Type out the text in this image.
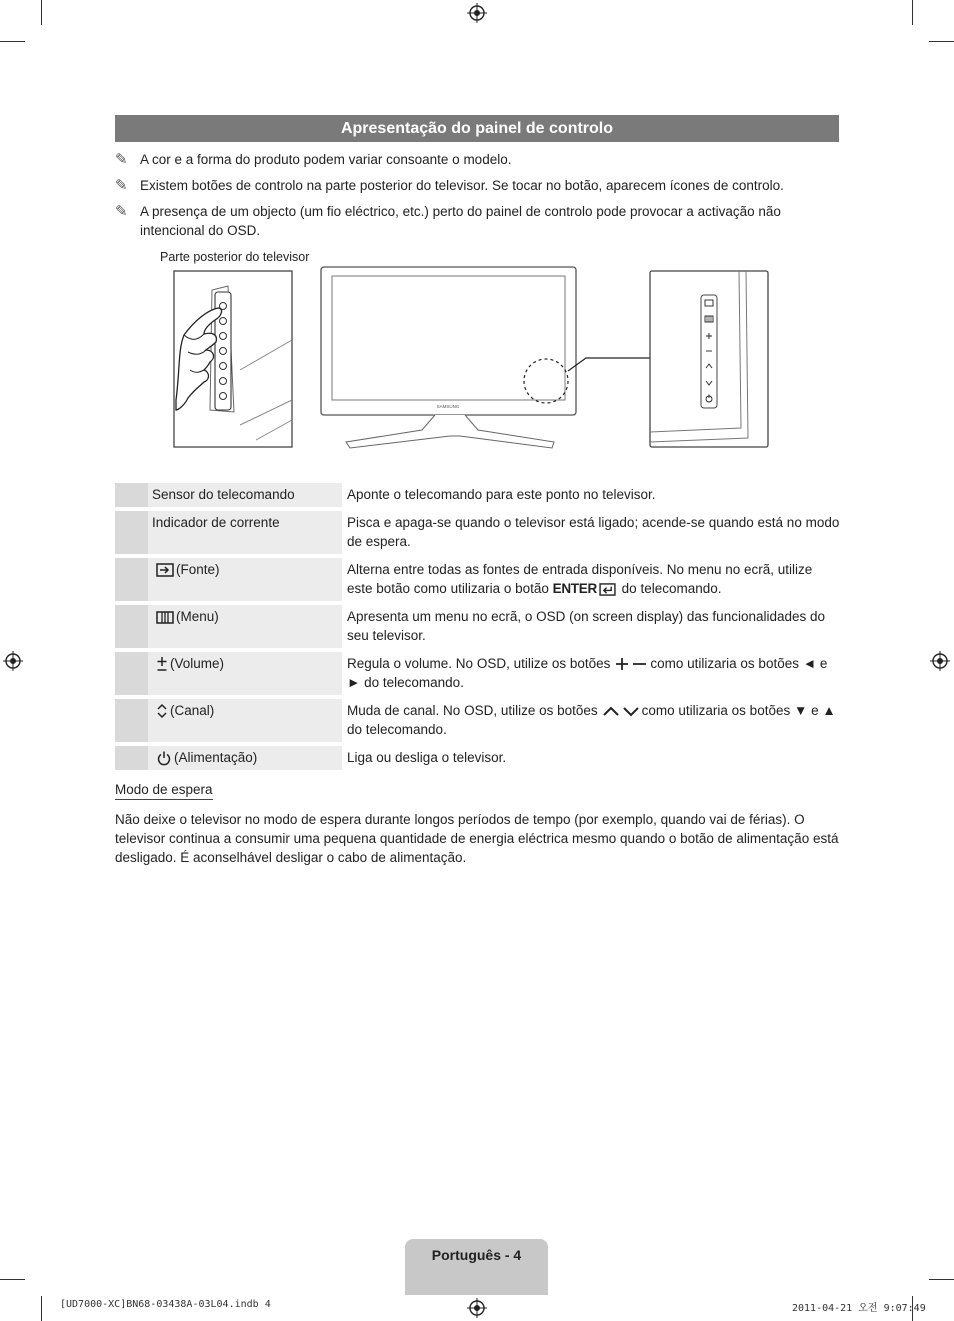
Apresentação do painel de controlo
✎ A cor e a forma do produto podem variar consoante o modelo.
✎ Existem botões de controlo na parte posterior do televisor. Se tocar no botão, aparecem ícones de controlo.
✎ A presença de um objecto (um fio eléctrico, etc.) perto do painel de controlo pode provocar a activação não intencional do OSD.
Parte posterior do televisor
SAMSUNG
	Sensor do telecomando	Aponte o telecomando para este ponto no televisor.
	Indicador de corrente	Pisca e apaga-se quando o televisor está ligado; acende-se quando está no modo de espera.
	(Fonte)	Alterna entre todas as fontes de entrada disponíveis. No menu no ecrã, utilize este botão como utilizaria o botão ENTER do telecomando.
	(Menu)	Apresenta um menu no ecrã, o OSD (on screen display) das funcionalidades do seu televisor.
	(Volume)	Regula o volume. No OSD, utilize os botões como utilizaria os botões ◄ e ► do telecomando.
	(Canal)	Muda de canal. No OSD, utilize os botões como utilizaria os botões ▼ e ▲ do telecomando.
	(Alimentação)	Liga ou desliga o televisor.
Modo de espera
Não deixe o televisor no modo de espera durante longos períodos de tempo (por exemplo, quando vai de férias). O televisor continua a consumir uma pequena quantidade de energia eléctrica mesmo quando o botão de alimentação está desligado. É aconselhável desligar o cabo de alimentação.
Português - 4
[UD7000-XC]BN68-03438A-03L04.indb 4	2011-04-21 오전 9:07:49
